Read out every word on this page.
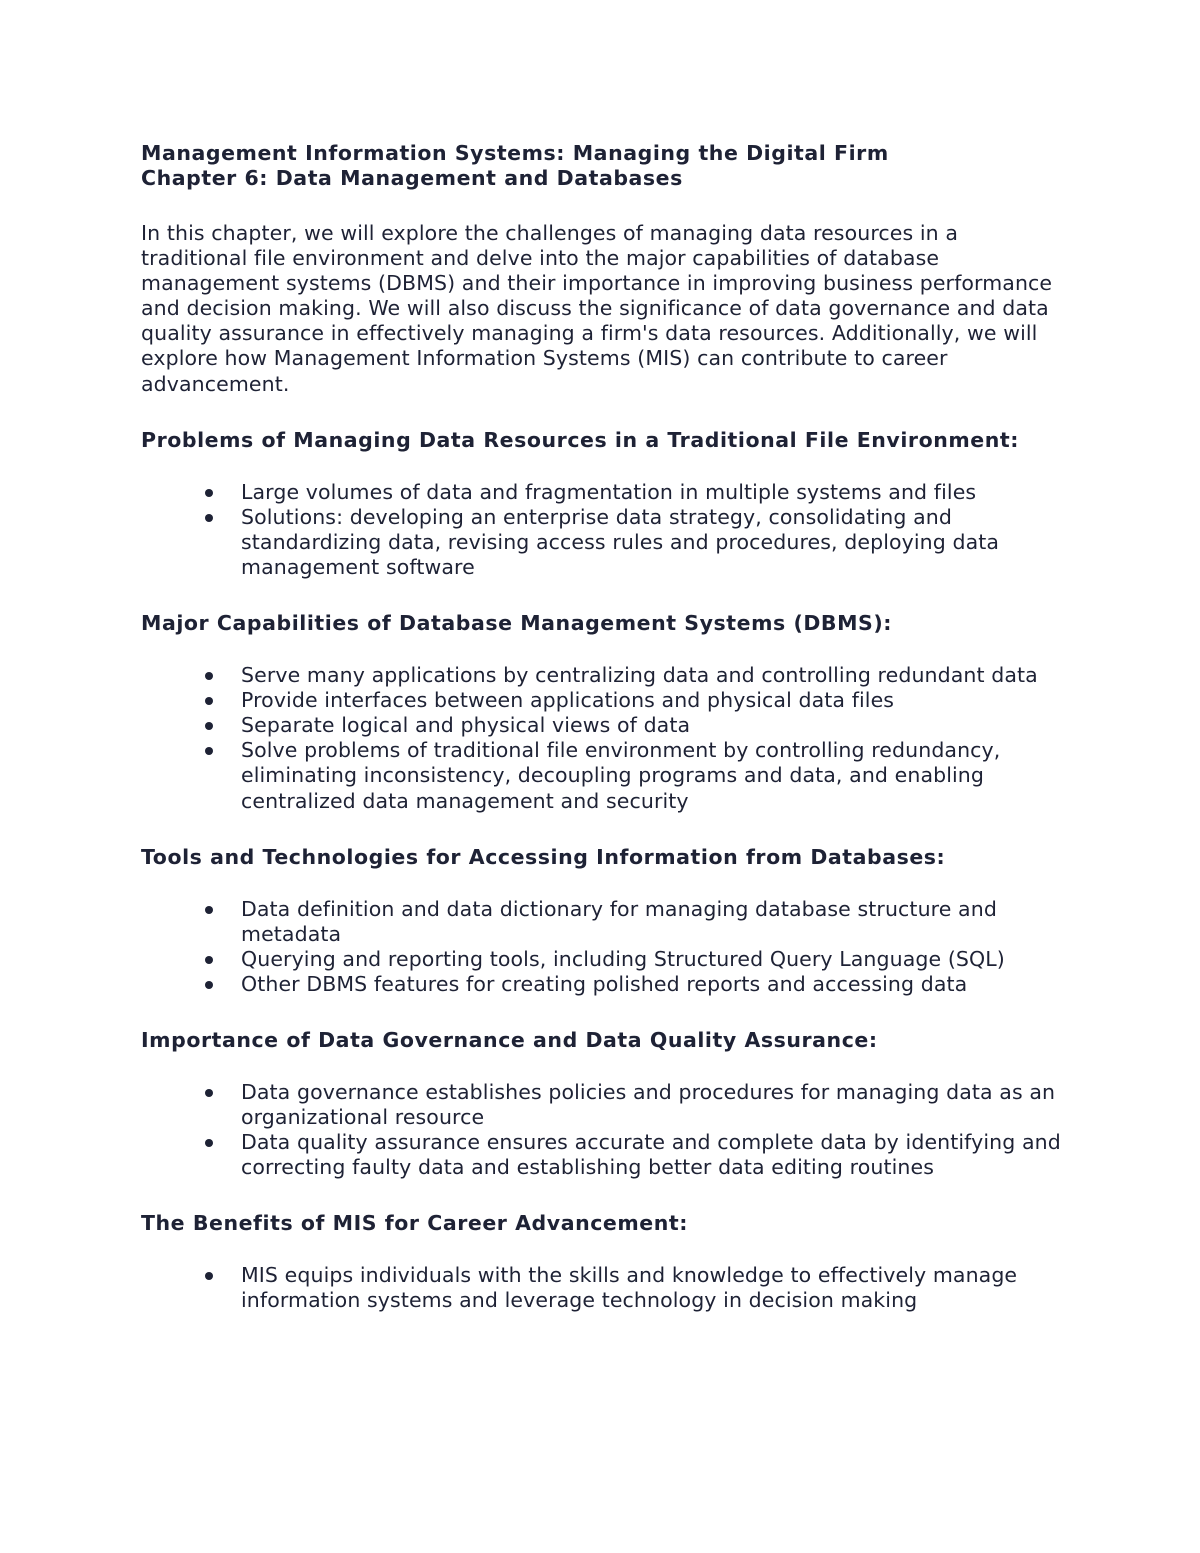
Management Information Systems: Managing the Digital Firm

Chapter 6: Data Management and Databases

In this chapter, we will explore the challenges of managing data resources in a traditional file environment and delve into the major capabilities of database management systems (DBMS) and their importance in improving business performance and decision making. We will also discuss the significance of data governance and data quality assurance in effectively managing a firm's data resources. Additionally, we will explore how Management Information Systems (MIS) can contribute to career advancement.

Problems of Managing Data Resources in a Traditional File Environment:

Large volumes of data and fragmentation in multiple systems and files
Solutions: developing an enterprise data strategy, consolidating and standardizing data, revising access rules and procedures, deploying data management software

Major Capabilities of Database Management Systems (DBMS):

Serve many applications by centralizing data and controlling redundant data
Provide interfaces between applications and physical data files
Separate logical and physical views of data
Solve problems of traditional file environment by controlling redundancy, eliminating inconsistency, decoupling programs and data, and enabling centralized data management and security

Tools and Technologies for Accessing Information from Databases:

Data definition and data dictionary for managing database structure and metadata
Querying and reporting tools, including Structured Query Language (SQL)
Other DBMS features for creating polished reports and accessing data

Importance of Data Governance and Data Quality Assurance:

Data governance establishes policies and procedures for managing data as an organizational resource
Data quality assurance ensures accurate and complete data by identifying and correcting faulty data and establishing better data editing routines

The Benefits of MIS for Career Advancement:

MIS equips individuals with the skills and knowledge to effectively manage information systems and leverage technology in decision making
